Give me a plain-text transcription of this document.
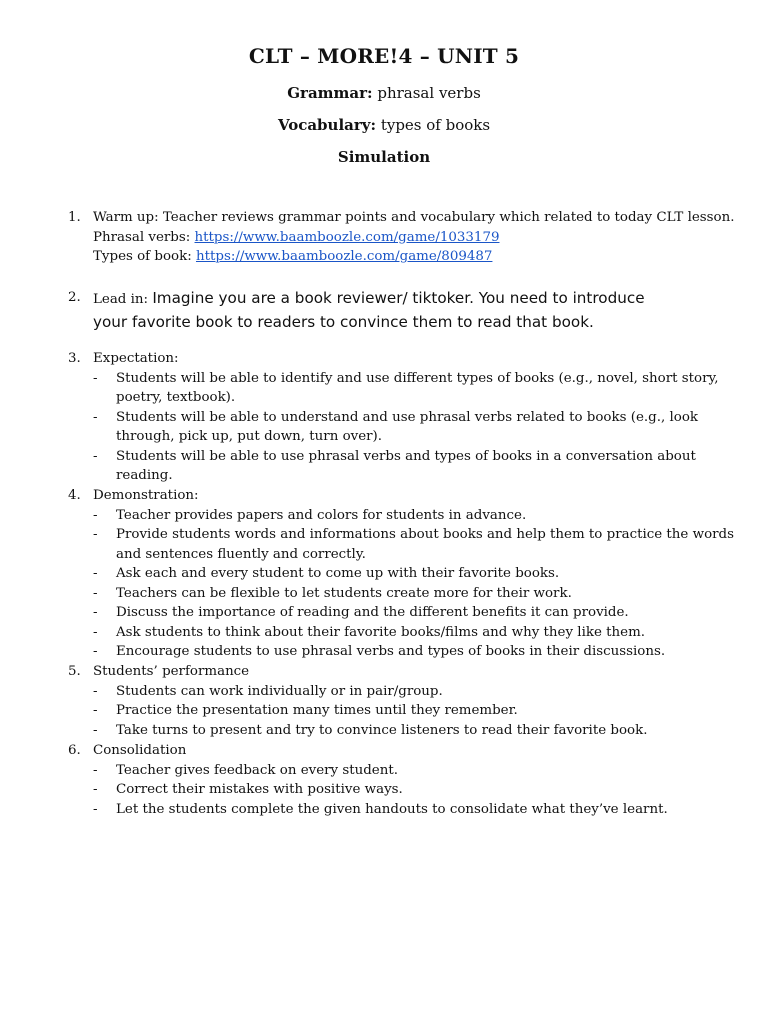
CLT – MORE!4 – UNIT 5
Grammar: phrasal verbs
Vocabulary: types of books
Simulation
1. Warm up: Teacher reviews grammar points and vocabulary which related to today CLT lesson.
Phrasal verbs: https://www.baamboozle.com/game/1033179
Types of book: https://www.baamboozle.com/game/809487
2. Lead in: Imagine you are a book reviewer/ tiktoker. You need to introduce
your favorite book to readers to convince them to read that book.
3. Expectation:
- Students will be able to identify and use different types of books (e.g., novel, short story,
poetry, textbook).
- Students will be able to understand and use phrasal verbs related to books (e.g., look
through, pick up, put down, turn over).
- Students will be able to use phrasal verbs and types of books in a conversation about
reading.
4. Demonstration:
- Teacher provides papers and colors for students in advance.
- Provide students words and informations about books and help them to practice the words
and sentences fluently and correctly.
- Ask each and every student to come up with their favorite books.
- Teachers can be flexible to let students create more for their work.
- Discuss the importance of reading and the different benefits it can provide.
- Ask students to think about their favorite books/films and why they like them.
- Encourage students to use phrasal verbs and types of books in their discussions.
5. Students’ performance
- Students can work individually or in pair/group.
- Practice the presentation many times until they remember.
- Take turns to present and try to convince listeners to read their favorite book.
6. Consolidation
- Teacher gives feedback on every student.
- Correct their mistakes with positive ways.
- Let the students complete the given handouts to consolidate what they’ve learnt.
